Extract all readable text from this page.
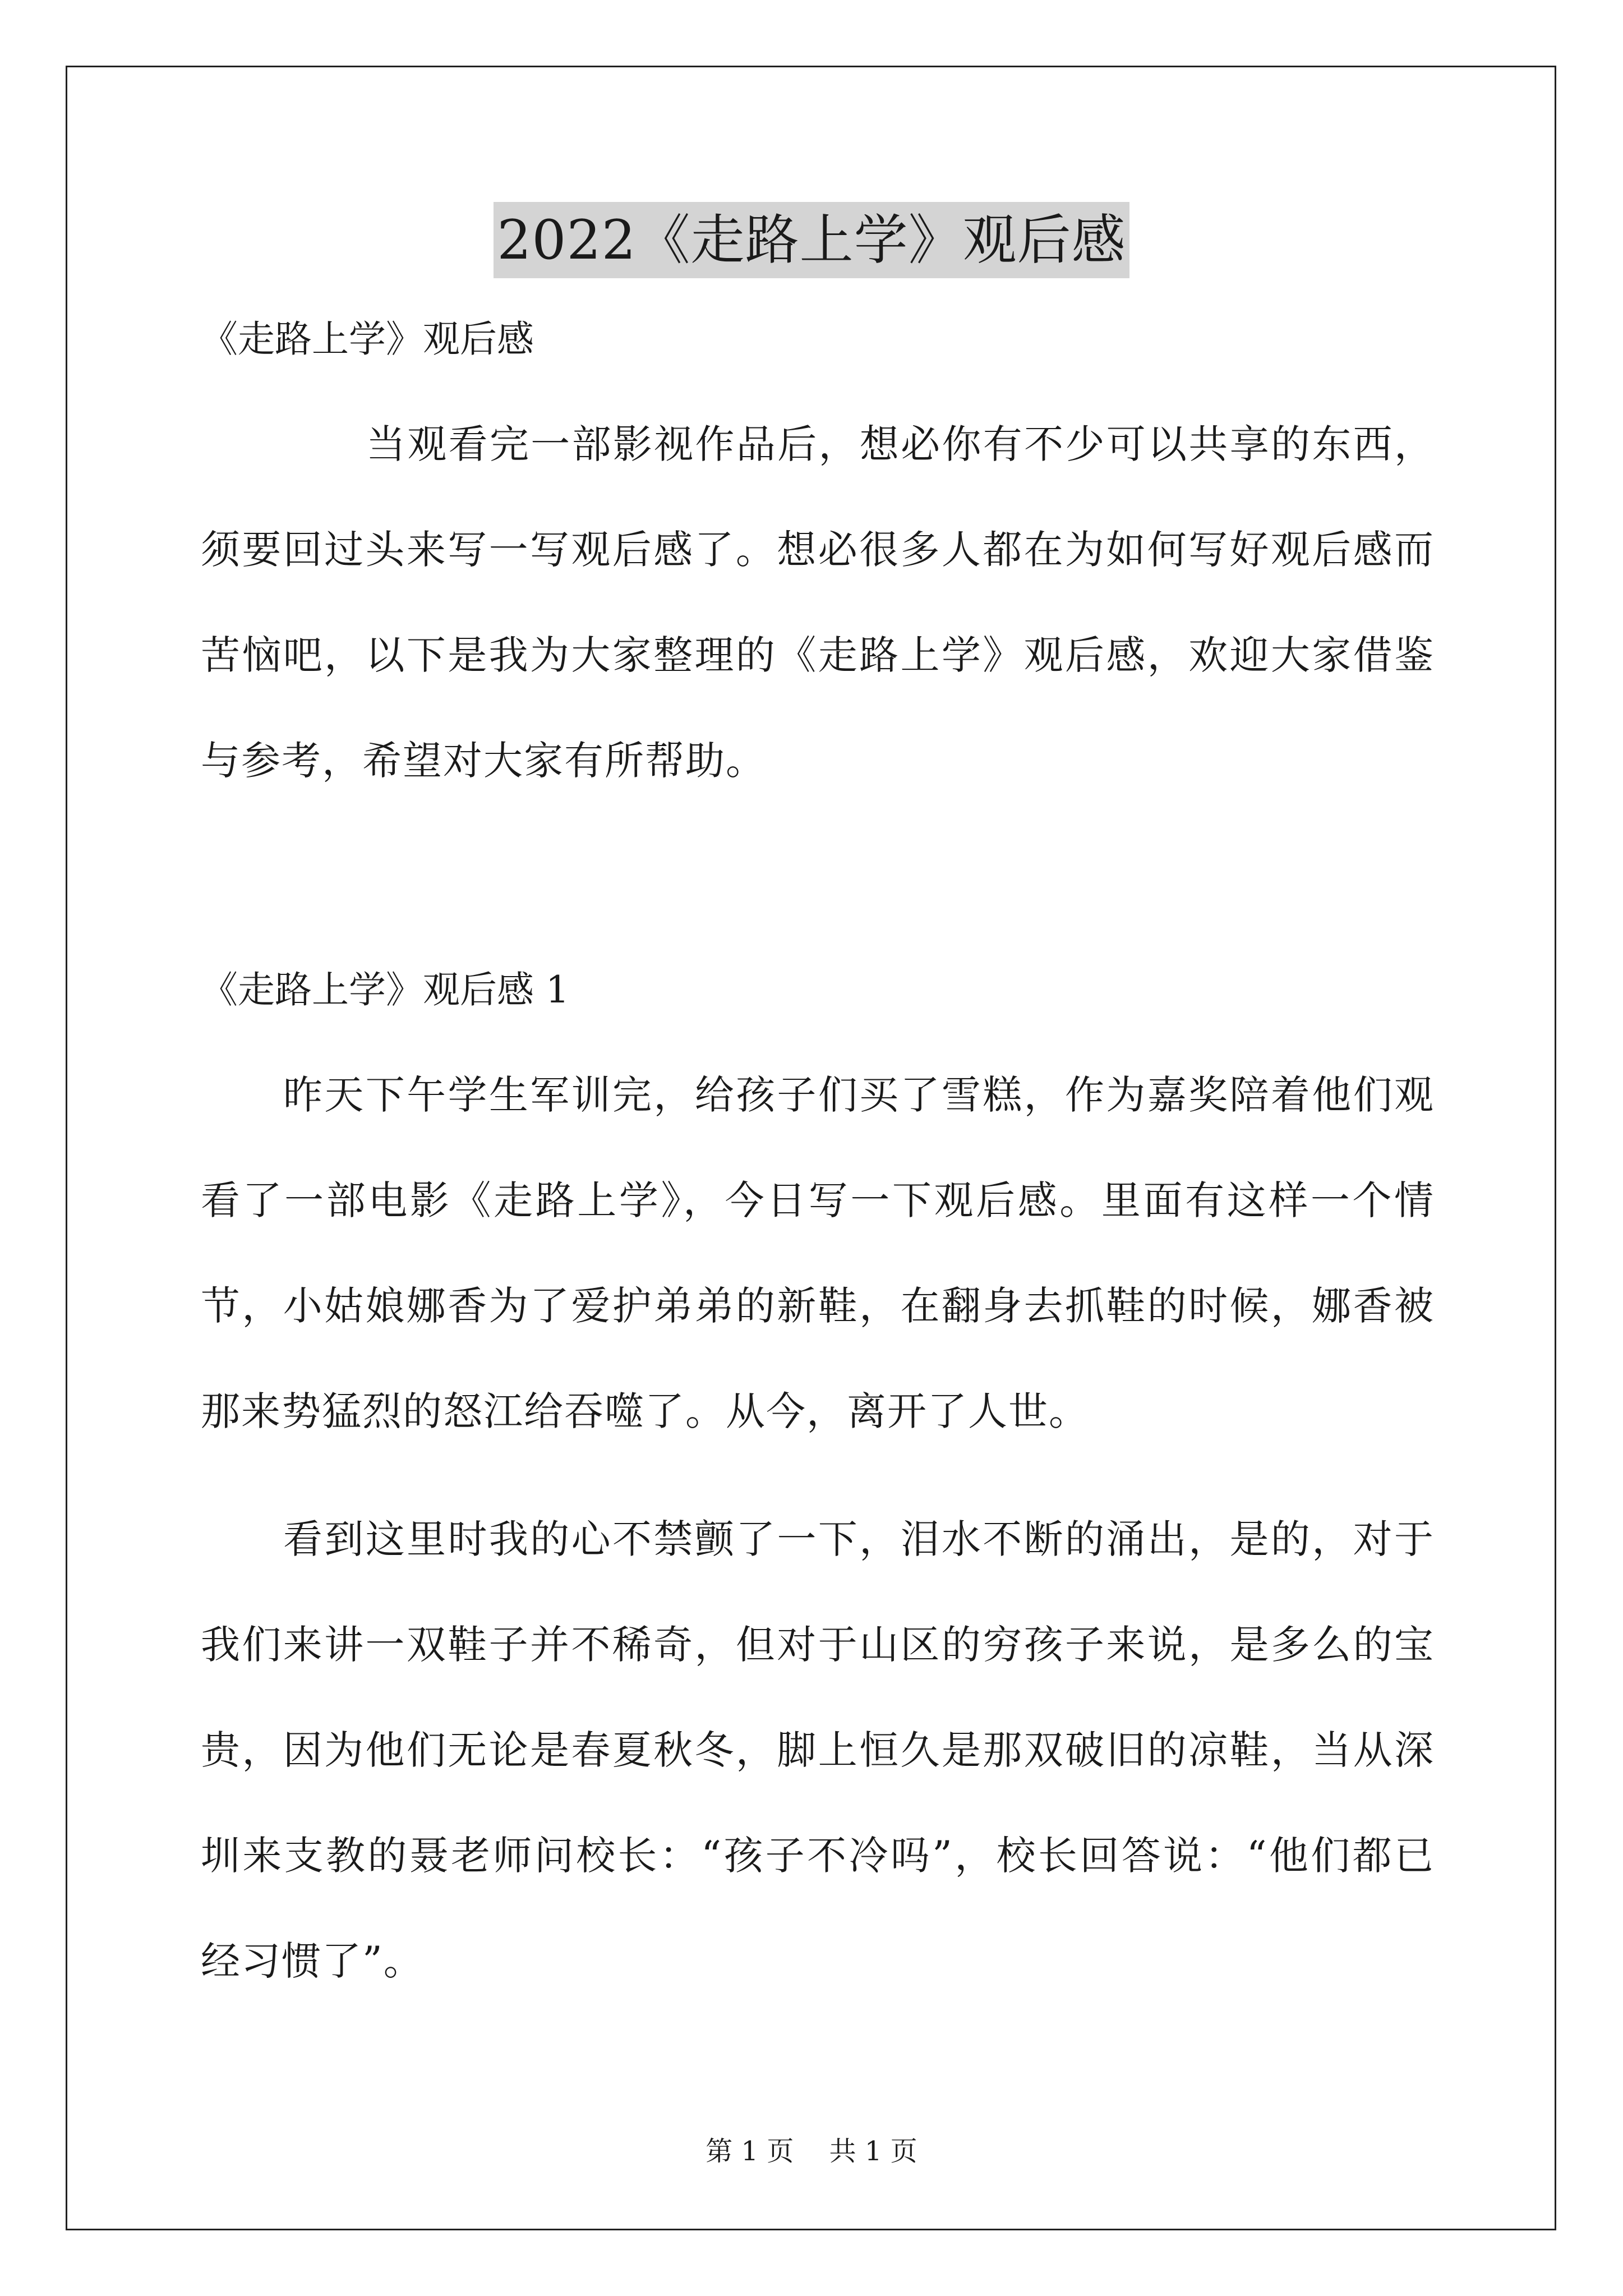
2022《走路上学》观后感

《走路上学》观后感

当观看完一部影视作品后，想必你有不少可以共享的东西，须要回过头来写一写观后感了。想必很多人都在为如何写好观后感而苦恼吧，以下是我为大家整理的《走路上学》观后感，欢迎大家借鉴与参考，希望对大家有所帮助。

《走路上学》观后感 1

昨天下午学生军训完，给孩子们买了雪糕，作为嘉奖陪着他们观看了一部电影《走路上学》，今日写一下观后感。里面有这样一个情节，小姑娘娜香为了爱护弟弟的新鞋，在翻身去抓鞋的时候，娜香被那来势猛烈的怒江给吞噬了。从今，离开了人世。

看到这里时我的心不禁颤了一下，泪水不断的涌出，是的，对于我们来讲一双鞋子并不稀奇，但对于山区的穷孩子来说，是多么的宝贵，因为他们无论是春夏秋冬，脚上恒久是那双破旧的凉鞋，当从深圳来支教的聂老师问校长：“孩子不冷吗”，校长回答说：“他们都已经习惯了”。

第 1 页 共 1 页
